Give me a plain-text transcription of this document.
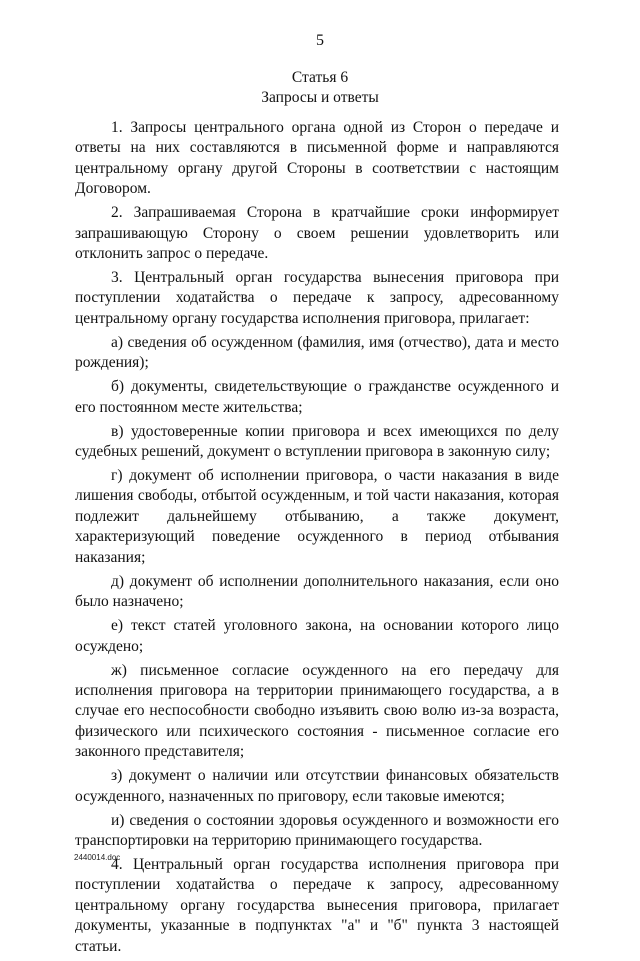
5
Статья 6
Запросы и ответы

1. Запросы центрального органа одной из Сторон о передаче и ответы на них составляются в письменной форме и направляются центральному органу другой Стороны в соответствии с настоящим Договором.

2. Запрашиваемая Сторона в кратчайшие сроки информирует запрашивающую Сторону о своем решении удовлетворить или отклонить запрос о передаче.

3. Центральный орган государства вынесения приговора при поступлении ходатайства о передаче к запросу, адресованному центральному органу государства исполнения приговора, прилагает:

а) сведения об осужденном (фамилия, имя (отчество), дата и место рождения);

б) документы, свидетельствующие о гражданстве осужденного и его постоянном месте жительства;

в) удостоверенные копии приговора и всех имеющихся по делу судебных решений, документ о вступлении приговора в законную силу;

г) документ об исполнении приговора, о части наказания в виде лишения свободы, отбытой осужденным, и той части наказания, которая подлежит дальнейшему отбыванию, а также документ, характеризующий поведение осужденного в период отбывания наказания;

д) документ об исполнении дополнительного наказания, если оно было назначено;

е) текст статей уголовного закона, на основании которого лицо осуждено;

ж) письменное согласие осужденного на его передачу для исполнения приговора на территории принимающего государства, а в случае его неспособности свободно изъявить свою волю из-за возраста, физического или психического состояния - письменное согласие его законного представителя;

з) документ о наличии или отсутствии финансовых обязательств осужденного, назначенных по приговору, если таковые имеются;

и) сведения о состоянии здоровья осужденного и возможности его транспортировки на территорию принимающего государства.

4. Центральный орган государства исполнения приговора при поступлении ходатайства о передаче к запросу, адресованному центральному органу государства вынесения приговора, прилагает документы, указанные в подпунктах "а" и "б" пункта 3 настоящей статьи.

2440014.doc
